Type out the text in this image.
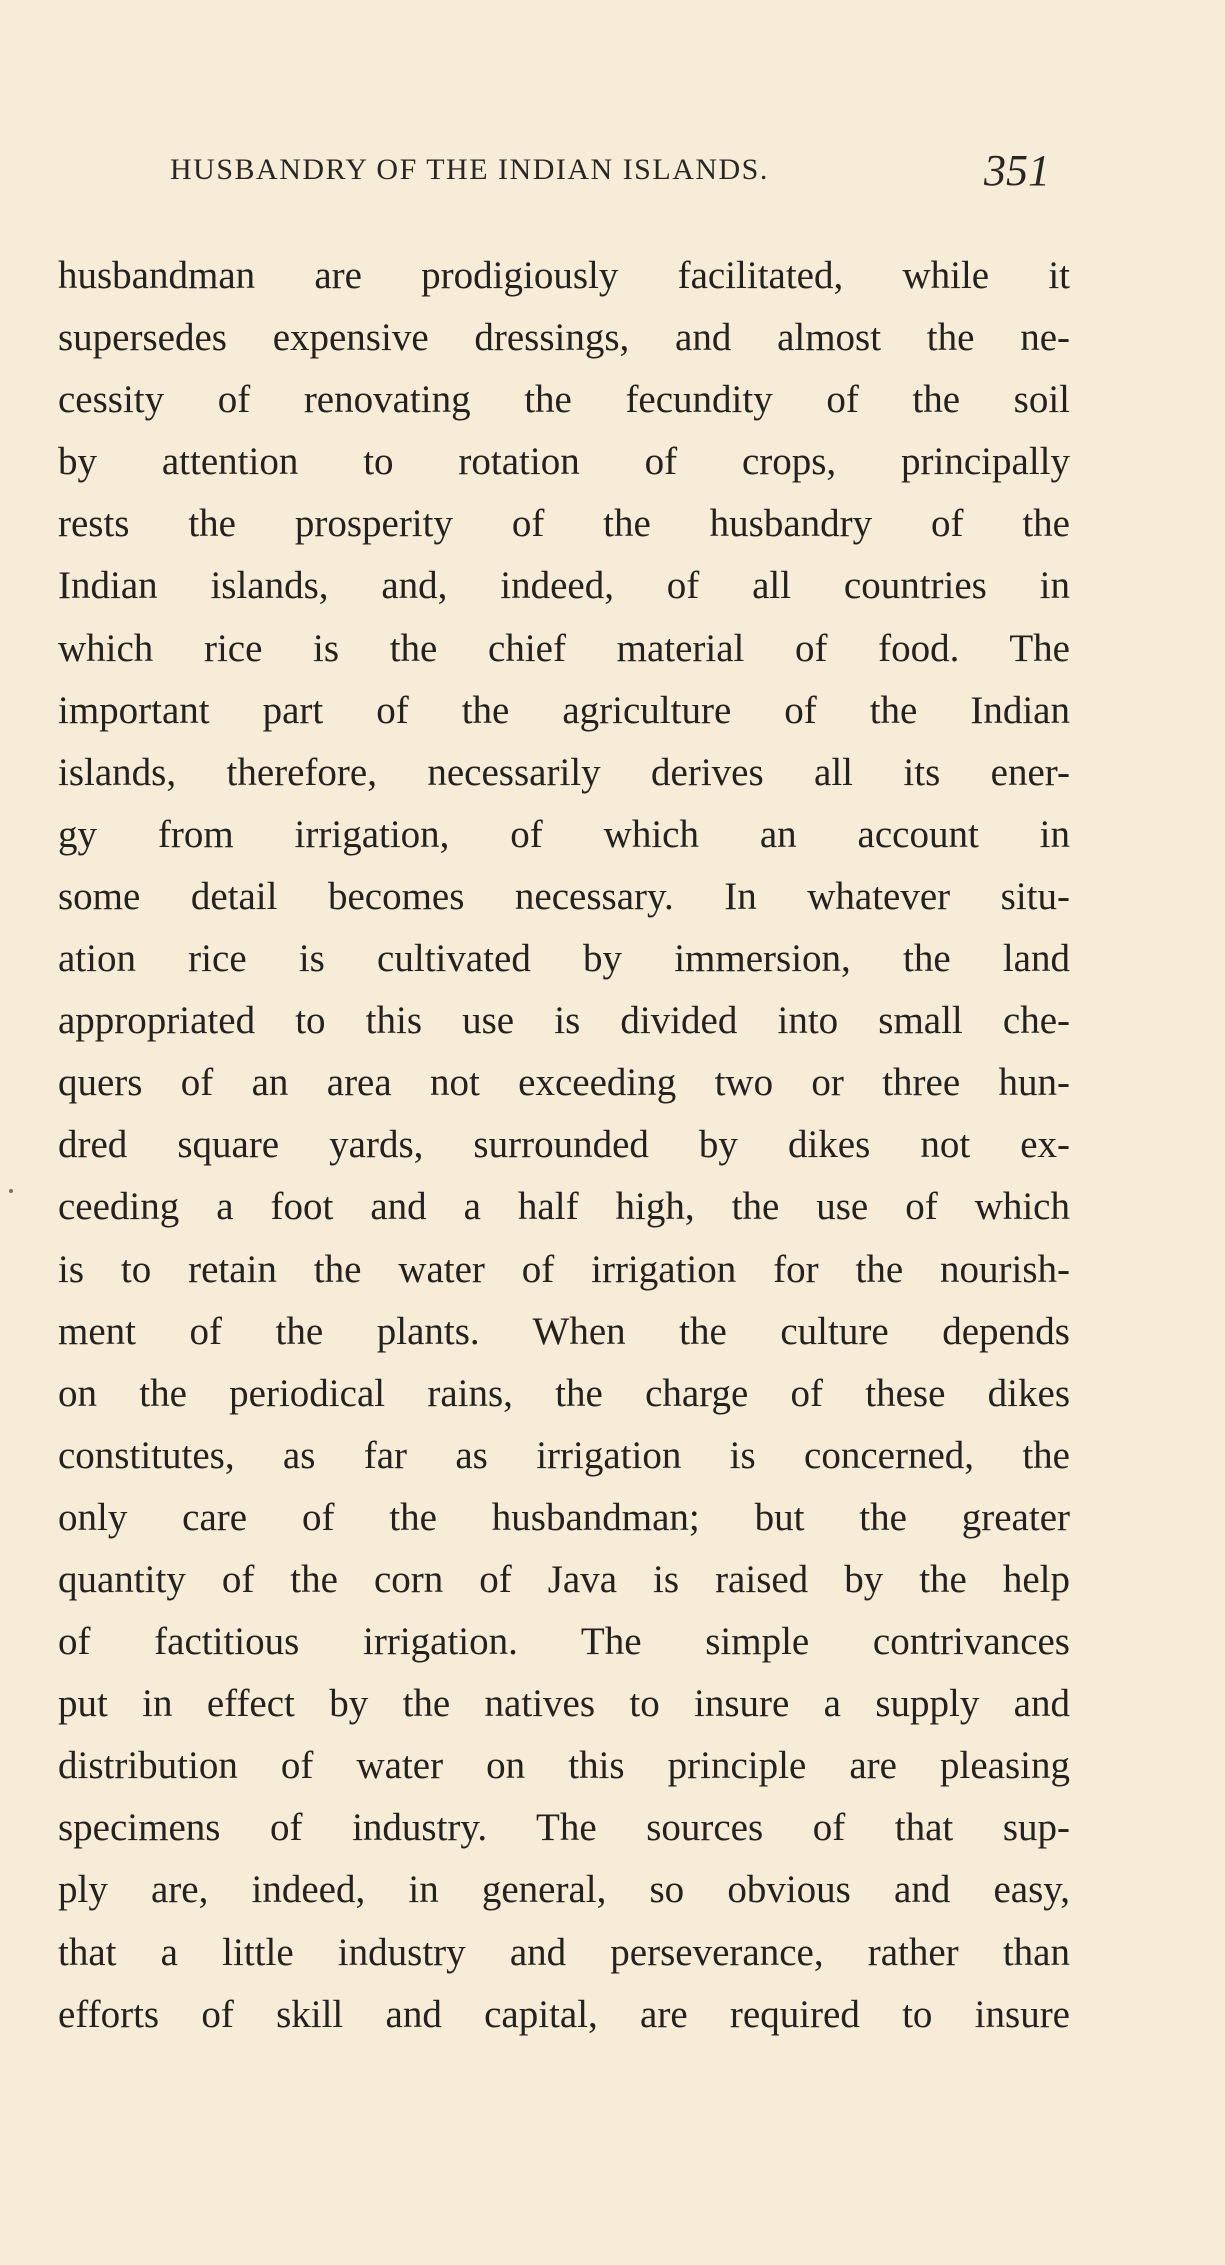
HUSBANDRY OF THE INDIAN ISLANDS.	351
husbandman are prodigiously facilitated, while it
supersedes expensive dressings, and almost the ne-
cessity of renovating the fecundity of the soil
by attention to rotation of crops, principally
rests the prosperity of the husbandry of the
Indian islands, and, indeed, of all countries in
which rice is the chief material of food. The
important part of the agriculture of the Indian
islands, therefore, necessarily derives all its ener-
gy from irrigation, of which an account in
some detail becomes necessary. In whatever situ-
ation rice is cultivated by immersion, the land
appropriated to this use is divided into small che-
quers of an area not exceeding two or three hun-
dred square yards, surrounded by dikes not ex-
ceeding a foot and a half high, the use of which
is to retain the water of irrigation for the nourish-
ment of the plants. When the culture depends
on the periodical rains, the charge of these dikes
constitutes, as far as irrigation is concerned, the
only care of the husbandman; but the greater
quantity of the corn of Java is raised by the help
of factitious irrigation. The simple contrivances
put in effect by the natives to insure a supply and
distribution of water on this principle are pleasing
specimens of industry. The sources of that sup-
ply are, indeed, in general, so obvious and easy,
that a little industry and perseverance, rather than
efforts of skill and capital, are required to insure
